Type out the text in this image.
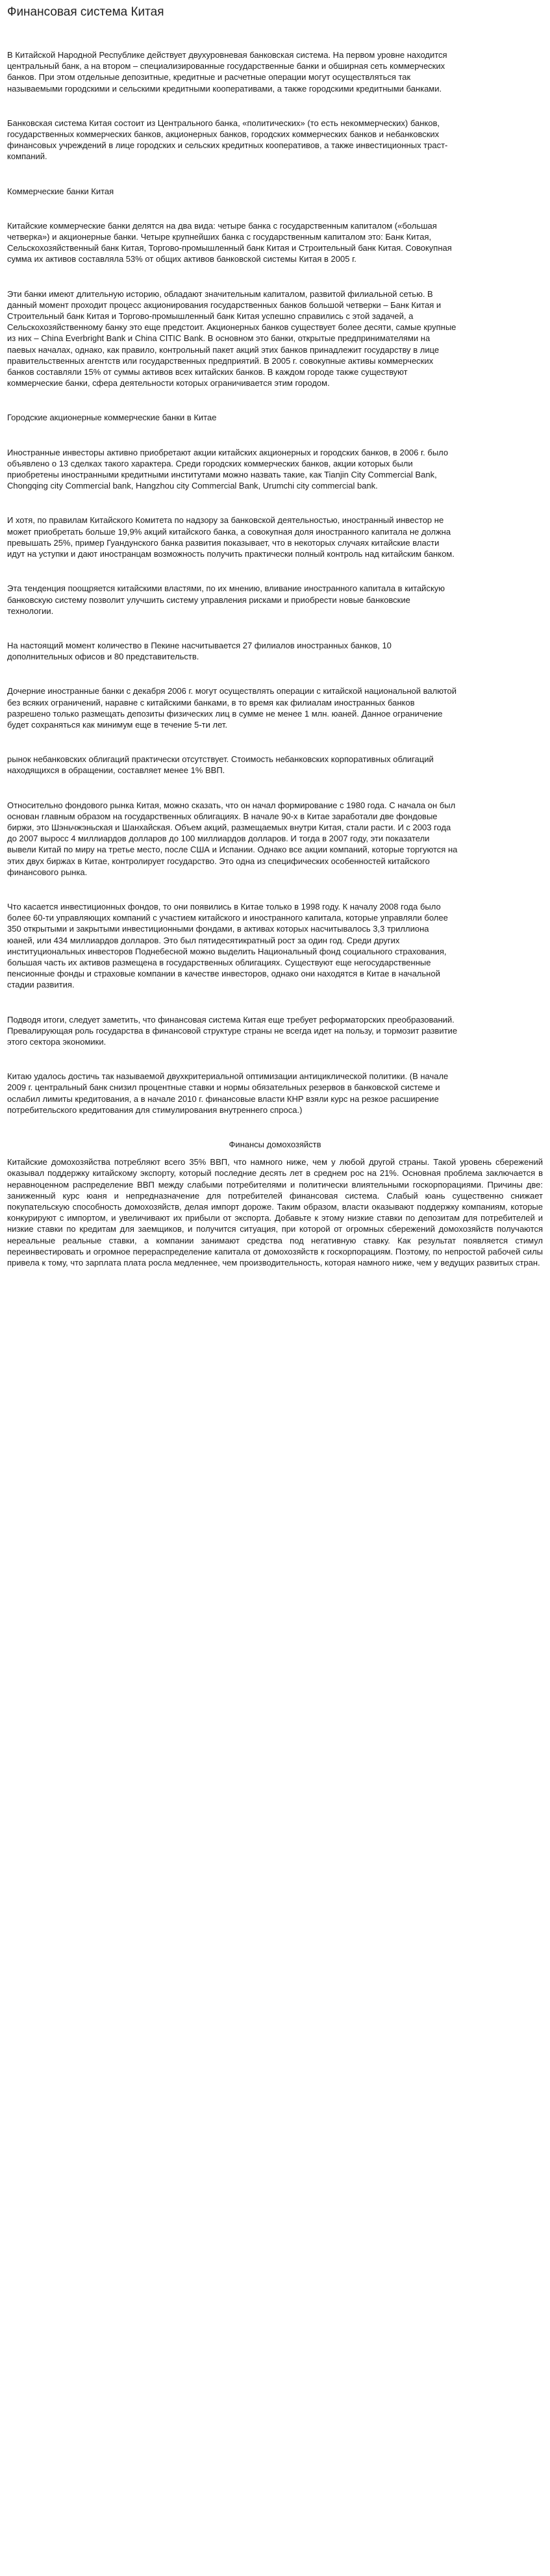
Финансовая система Китая

В Китайской Народной Республике действует двухуровневая банковская система. На первом уровне находится центральный банк, а на втором – специализированные государственные банки и обширная сеть коммерческих банков. При этом отдельные депозитные, кредитные и расчетные операции могут осуществляться так называемыми городскими и сельскими кредитными кооперативами, а также городскими кредитными банками.

Банковская система Китая состоит из Центрального банка, «политических» (то есть некоммерческих) банков, государственных коммерческих банков, акционерных банков, городских коммерческих банков и небанковских финансовых учреждений в лице городских и сельских кредитных кооперативов, а также инвестиционных траст-компаний.

Коммерческие банки Китая

Китайские коммерческие банки делятся на два вида: четыре банка с государственным капиталом («большая четверка») и акционерные банки. Четыре крупнейших банка с государственным капиталом это: Банк Китая, Сельскохозяйственный банк Китая, Торгово-промышленный банк Китая и Строительный банк Китая. Совокупная сумма их активов составляла 53% от общих активов банковской системы Китая в 2005 г.

Эти банки имеют длительную историю, обладают значительным капиталом, развитой филиальной сетью. В данный момент проходит процесс акционирования государственных банков большой четверки – Банк Китая и Строительный банк Китая и Торгово-промышленный банк Китая успешно справились с этой задачей, а Сельскохозяйственному банку это еще предстоит. Акционерных банков существует более десяти, самые крупные из них – China Everbright Bank и China CITIC Bank. В основном это банки, открытые предпринимателями на паевых началах, однако, как правило, контрольный пакет акций этих банков принадлежит государству в лице правительственных агентств или государственных предприятий. В 2005 г. совокупные активы коммерческих банков составляли 15% от суммы активов всех китайских банков. В каждом городе также существуют коммерческие банки, сфера деятельности которых ограничивается этим городом.

Городские акционерные коммерческие банки в Китае

Иностранные инвесторы активно приобретают акции китайских акционерных и городских банков, в 2006 г. было объявлено о 13 сделках такого характера. Среди городских коммерческих банков, акции которых были приобретены иностранными кредитными институтами можно назвать такие, как Tianjin City Commercial Bank, Chongqing city Commercial bank, Hangzhou city Commercial Bank, Urumchi city commercial bank.

И хотя, по правилам Китайского Комитета по надзору за банковской деятельностью, иностранный инвестор не может приобретать больше 19,9% акций китайского банка, а совокупная доля иностранного капитала не должна превышать 25%, пример Гуандунского банка развития показывает, что в некоторых случаях китайские власти идут на уступки и дают иностранцам возможность получить практически полный контроль над китайским банком.

Эта тенденция поощряется китайскими властями, по их мнению, вливание иностранного капитала в китайскую банковскую систему позволит улучшить систему управления рисками и приобрести новые банковские технологии.

На настоящий момент количество в Пекине насчитывается 27 филиалов иностранных банков, 10 дополнительных офисов и 80 представительств.

Дочерние иностранные банки с декабря 2006 г. могут осуществлять операции с китайской национальной валютой без всяких ограничений, наравне с китайскими банками, в то время как филиалам иностранных банков разрешено только размещать депозиты физических лиц в сумме не менее 1 млн. юаней. Данное ограничение будет сохраняться как минимум еще в течение 5-ти лет.

рынок небанковских облигаций практически отсутствует. Стоимость небанковских корпоративных облигаций находящихся в обращении, составляет менее 1% ВВП.

Относительно фондового рынка Китая, можно сказать, что он начал формирование с 1980 года. С начала он был основан главным образом на государственных облигациях. В начале 90-х в Китае заработали две фондовые биржи, это Шэньчжэньская и Шанхайская. Объем акций, размещаемых внутри Китая, стали расти. И с 2003 года до 2007 выросс 4 миллиардов долларов до 100 миллиардов долларов. И тогда в 2007 году, эти показатели вывели Китай по миру на третье место, после США и Испании. Однако все акции компаний, которые торгуются на этих двух биржах в Китае, контролирует государство. Это одна из специфических особенностей китайского финансового рынка.

Что касается инвестиционных фондов, то они появились в Китае только в 1998 году. К началу 2008 года было более 60-ти управляющих компаний с участием китайского и иностранного капитала, которые управляли более 350 открытыми и закрытыми инвестиционными фондами, в активах которых насчитывалось 3,3 триллиона юаней, или 434 миллиардов долларов. Это был пятидесятикратный рост за один год. Среди других институциональных инвесторов Поднебесной можно выделить Национальный фонд социального страхования, большая часть их активов размещена в государственных облигациях. Существуют еще негосударственные пенсионные фонды и страховые компании в качестве инвесторов, однако они находятся в Китае в начальной стадии развития.

Подводя итоги, следует заметить, что финансовая система Китая еще требует реформаторских преобразований. Превалирующая роль государства в финансовой структуре страны не всегда идет на пользу, и тормозит развитие этого сектора экономики.

Китаю удалось достичь так называемой двухкритериальной оптимизации антициклической политики. (В начале 2009 г. центральный банк снизил процентные ставки и нормы обязательных резервов в банковской системе и ослабил лимиты кредитования, а в начале 2010 г. финансовые власти КНР взяли курс на резкое расширение потребительского кредитования для стимулирования внутреннего спроса.)

Финансы домохозяйств

Китайские домохозяйства потребляют всего 35% ВВП, что намного ниже, чем у любой другой страны. Такой уровень сбережений оказывал поддержку китайскому экспорту, который последние десять лет в среднем рос на 21%. Основная проблема заключается в неравноценном распределение ВВП между слабыми потребителями и политически влиятельными госкорпорациями. Причины две: заниженный курс юаня и непредназначение для потребителей финансовая система. Слабый юань существенно снижает покупательскую способность домохозяйств, делая импорт дороже. Таким образом, власти оказывают поддержку компаниям, которые конкурируют с импортом, и увеличивают их прибыли от экспорта. Добавьте к этому низкие ставки по депозитам для потребителей и низкие ставки по кредитам для заемщиков, и получится ситуация, при которой от огромных сбережений домохозяйств получаются нереальные реальные ставки, а компании занимают средства под негативную ставку. Как результат появляется стимул переинвестировать и огромное перераспределение капитала от домохозяйств к госкорпорациям. Поэтому, по непростой рабочей силы привела к тому, что зарплата плата росла медленнее, чем производительность, которая намного ниже, чем у ведущих развитых стран.
